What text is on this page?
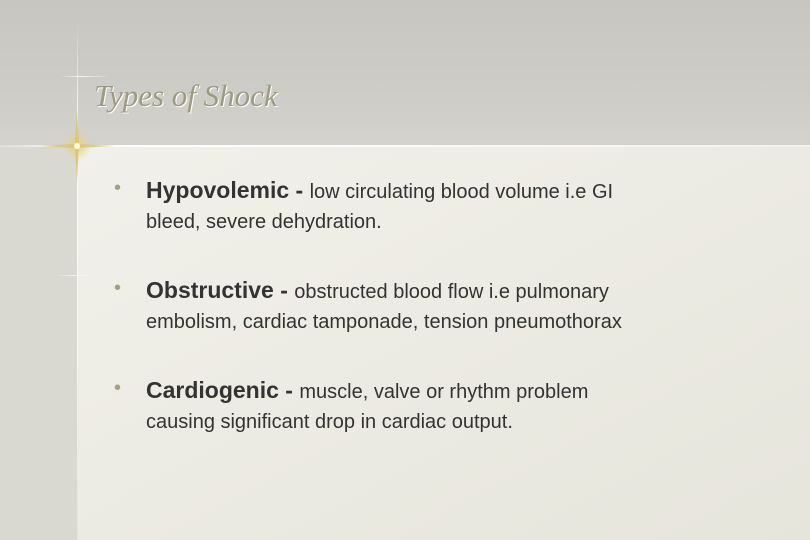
Types of Shock
• Hypovolemic - low circulating blood volume i.e GI
bleed, severe dehydration.
• Obstructive - obstructed blood flow i.e pulmonary
embolism, cardiac tamponade, tension pneumothorax
• Cardiogenic - muscle, valve or rhythm problem
causing significant drop in cardiac output.
